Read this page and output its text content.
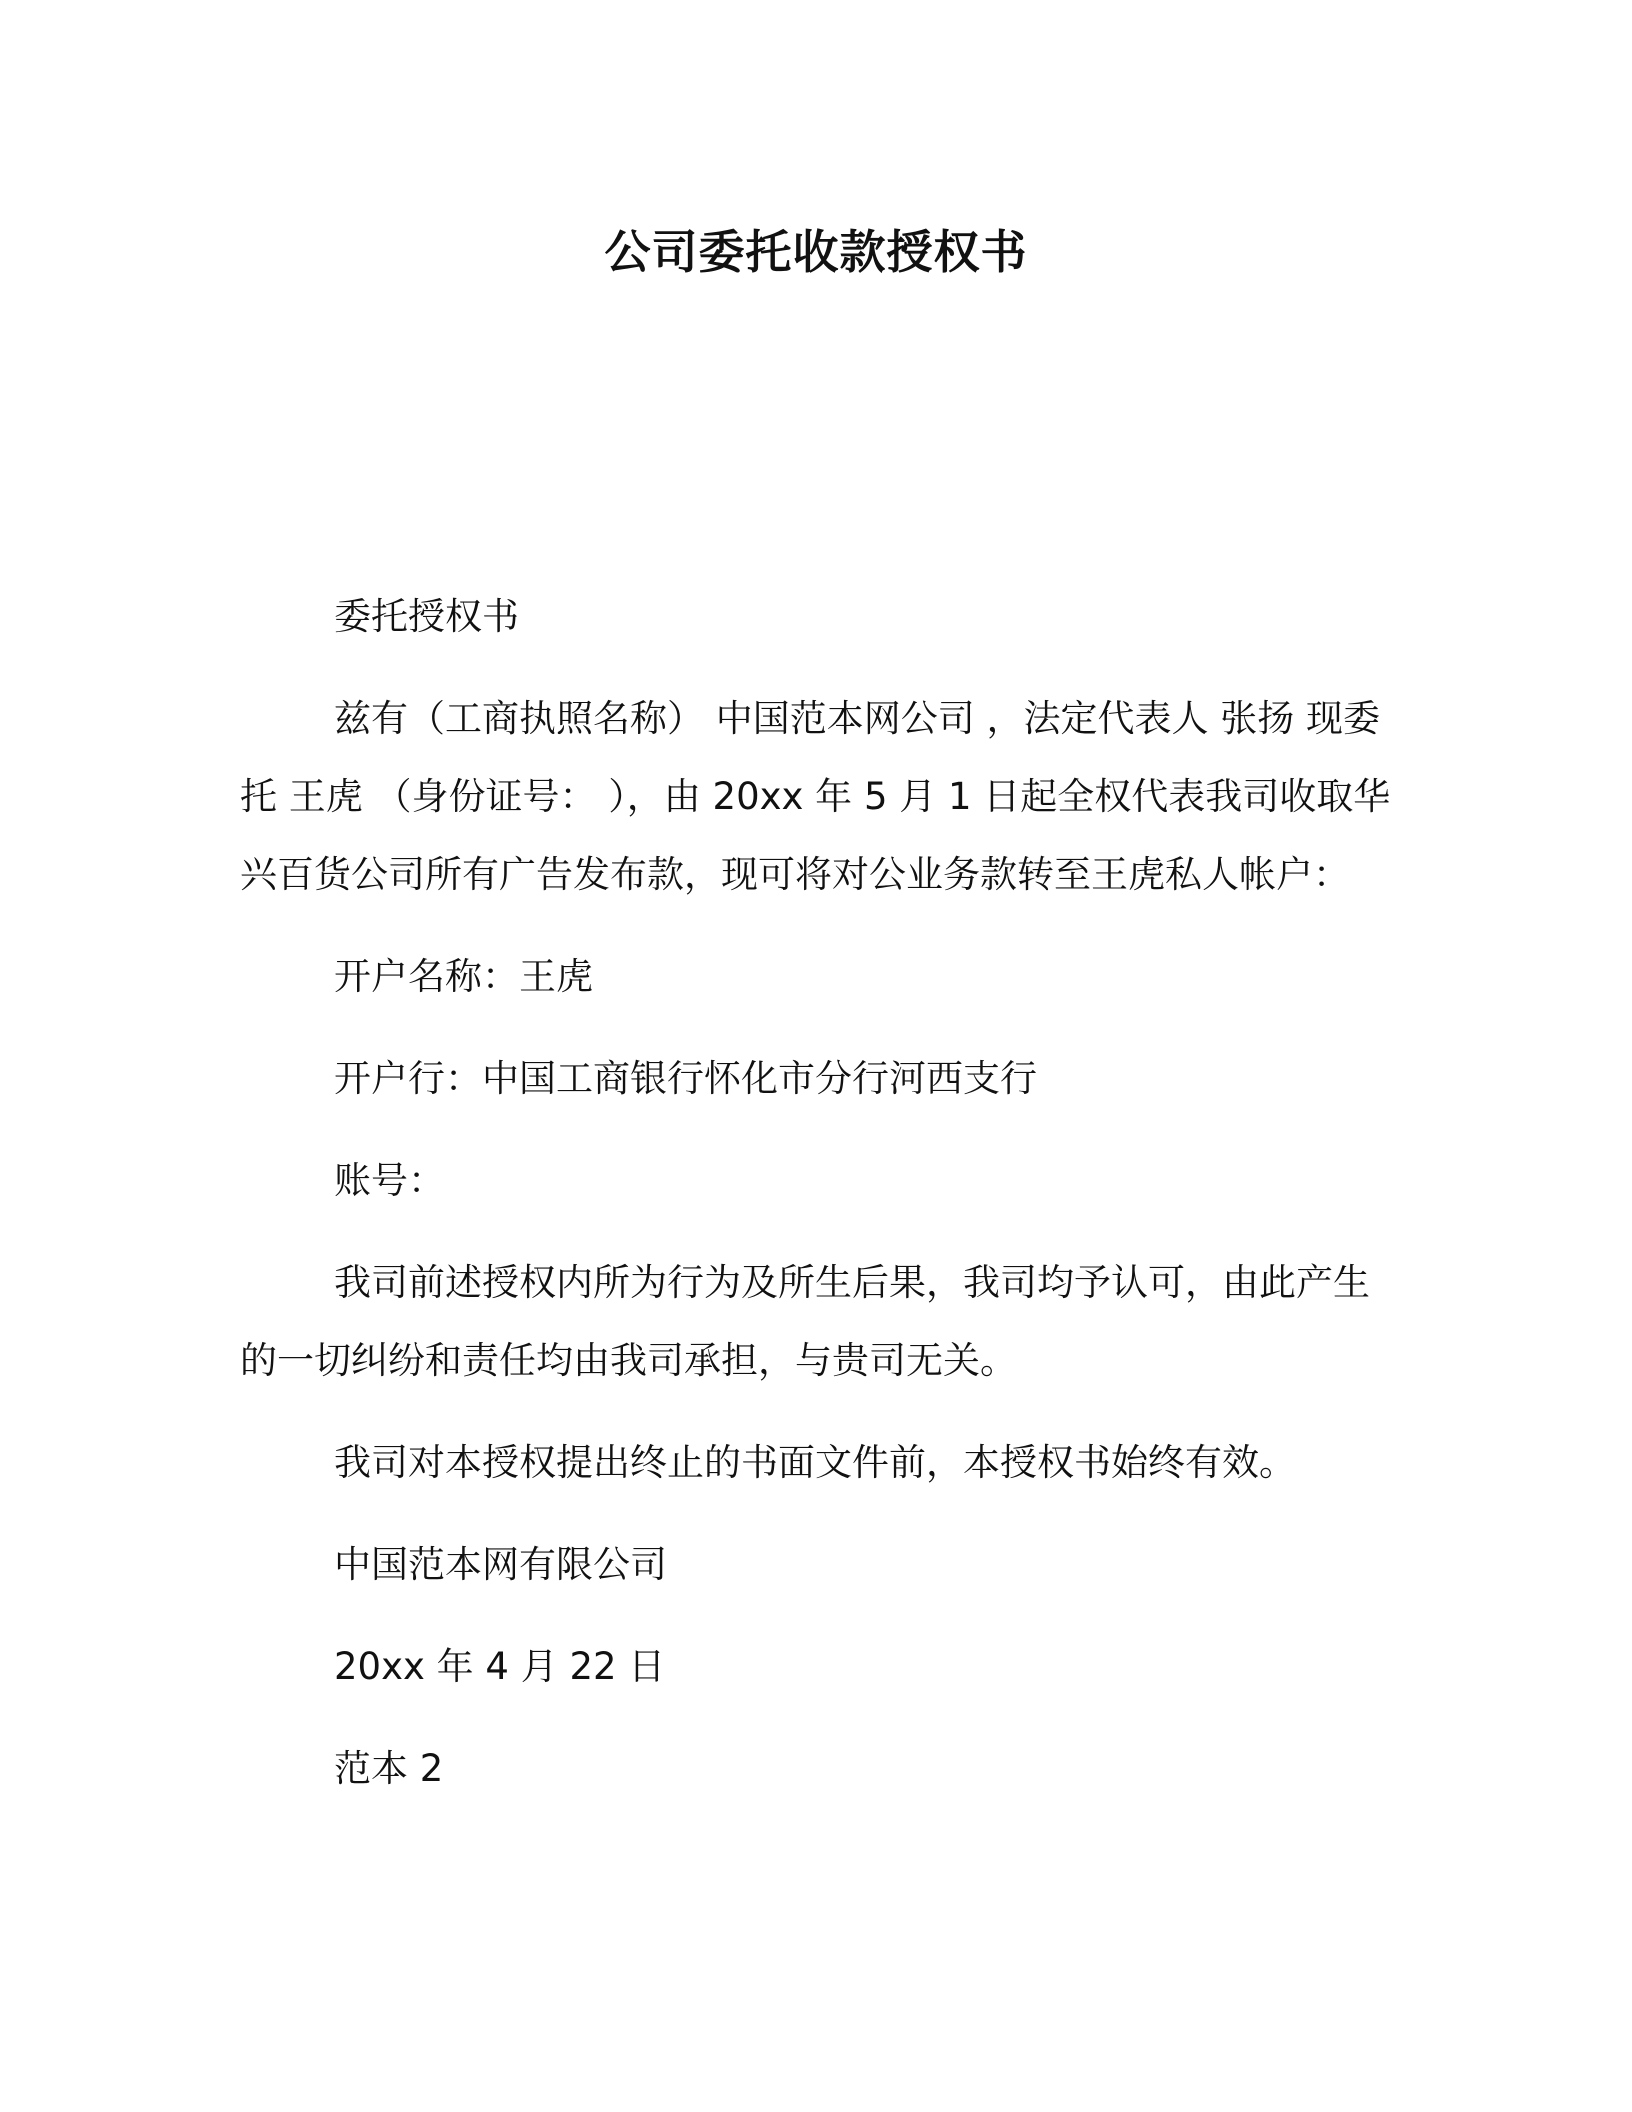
公司委托收款授权书
委托授权书
兹有（工商执照名称） 中国范本网公司 ，法定代表人 张扬 现委
托 王虎 （身份证号： ），由 20xx 年 5 月 1 日起全权代表我司收取华
兴百货公司所有广告发布款，现可将对公业务款转至王虎私人帐户：
开户名称：王虎
开户行：中国工商银行怀化市分行河西支行
账号：
我司前述授权内所为行为及所生后果，我司均予认可，由此产生
的一切纠纷和责任均由我司承担，与贵司无关。
我司对本授权提出终止的书面文件前，本授权书始终有效。
中国范本网有限公司
20xx 年 4 月 22 日
范本 2
